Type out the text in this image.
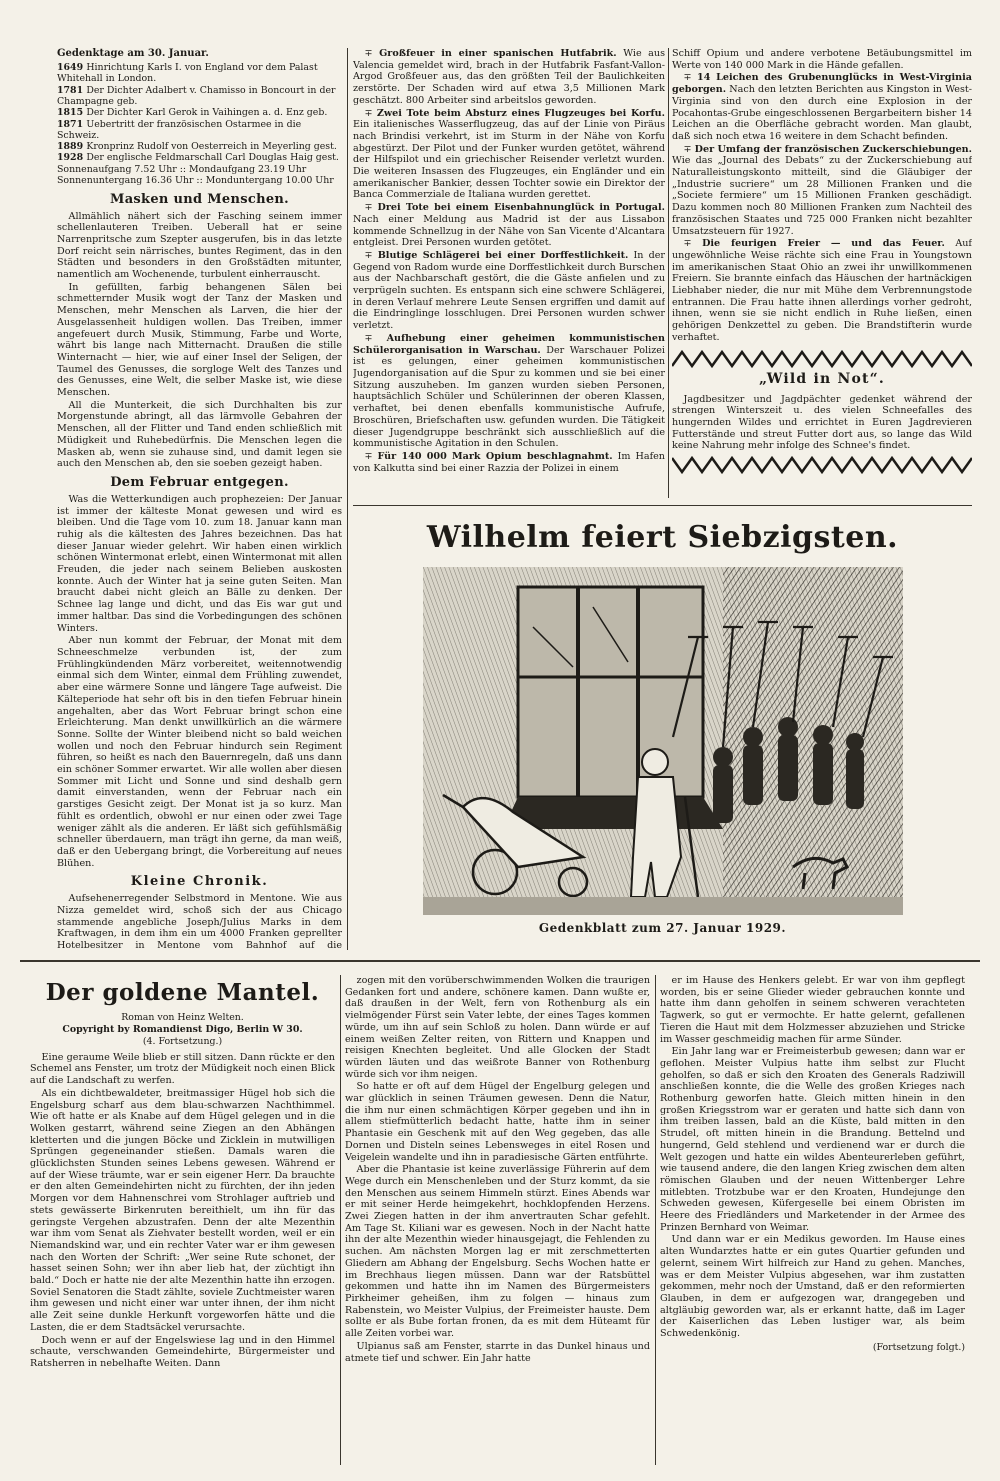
Gedenktage am 30. Januar.
1649 Hinrichtung Karls I. von England vor dem Palast Whitehall in London.
1781 Der Dichter Adalbert v. Chamisso in Boncourt in der Champagne geb.
1815 Der Dichter Karl Gerok in Vaihingen a. d. Enz geb.
1871 Uebertritt der französischen Ostarmee in die Schweiz.
1889 Kronprinz Rudolf von Oesterreich in Meyerling gest.
1928 Der englische Feldmarschall Carl Douglas Haig gest.
Sonnenaufgang 7.52 Uhr :: Mondaufgang 23.19 Uhr
Sonnenuntergang 16.36 Uhr :: Monduntergang 10.00 Uhr
Masken und Menschen.

Allmählich nähert sich der Fasching seinem immer schellenlauteren Treiben. Ueberall hat er seine Narrenpritsche zum Szepter ausgerufen, bis in das letzte Dorf reicht sein närrisches, buntes Regiment, das in den Städten und besonders in den Großstädten mitunter, namentlich am Wochenende, turbulent einherrauscht.

In gefüllten, farbig behangenen Sälen bei schmetternder Musik wogt der Tanz der Masken und Menschen, mehr Menschen als Larven, die hier der Ausgelassenheit huldigen wollen. Das Treiben, immer angefeuert durch Musik, Stimmung, Farbe und Worte, währt bis lange nach Mitternacht. Draußen die stille Winternacht — hier, wie auf einer Insel der Seligen, der Taumel des Genusses, die sorgloge Welt des Tanzes und des Genusses, eine Welt, die selber Maske ist, wie diese Menschen.

All die Munterkeit, die sich Durchhalten bis zur Morgenstunde abringt, all das lärmvolle Gebahren der Menschen, all der Flitter und Tand enden schließlich mit Müdigkeit und Ruhebedürfnis. Die Menschen legen die Masken ab, wenn sie zuhause sind, und damit legen sie auch den Menschen ab, den sie soeben gezeigt haben.

Dem Februar entgegen.

Was die Wetterkundigen auch prophezeien: Der Januar ist immer der kälteste Monat gewesen und wird es bleiben. Und die Tage vom 10. zum 18. Januar kann man ruhig als die kältesten des Jahres bezeichnen. Das hat dieser Januar wieder gelehrt. Wir haben einen wirklich schönen Wintermonat erlebt, einen Wintermonat mit allen Freuden, die jeder nach seinem Belieben auskosten konnte. Auch der Winter hat ja seine guten Seiten. Man braucht dabei nicht gleich an Bälle zu denken. Der Schnee lag lange und dicht, und das Eis war gut und immer haltbar. Das sind die Vorbedingungen des schönen Winters.

Aber nun kommt der Februar, der Monat mit dem Schneeschmelze verbunden ist, der zum Frühlingkündenden März vorbereitet, weitennotwendig einmal sich dem Winter, einmal dem Frühling zuwendet, aber eine wärmere Sonne und längere Tage aufweist. Die Kälteperiode hat sehr oft bis in den tiefen Februar hinein angehalten, aber das Wort Februar bringt schon eine Erleichterung. Man denkt unwillkürlich an die wärmere Sonne. Sollte der Winter bleibend nicht so bald weichen wollen und noch den Februar hindurch sein Regiment führen, so heißt es nach den Bauernregeln, daß uns dann ein schöner Sommer erwartet. Wir alle wollen aber diesen Sommer mit Licht und Sonne und sind deshalb gern damit einverstanden, wenn der Februar nach ein garstiges Gesicht zeigt. Der Monat ist ja so kurz. Man fühlt es ordentlich, obwohl er nur einen oder zwei Tage weniger zählt als die anderen. Er läßt sich gefühlsmäßig schneller überdauern, man trägt ihn gerne, da man weiß, daß er den Uebergang bringt, die Vorbereitung auf neues Blühen.

Kleine Chronik.

Aufsehenerregender Selbstmord in Mentone. Wie aus Nizza gemeldet wird, schoß sich der aus Chicago stammende angebliche Joseph/Julius Marks in dem Kraftwagen, in dem ihm ein um 4000 Franken geprellter Hotelbesitzer in Mentone vom Bahnhof auf die

∓ Großfeuer in einer spanischen Hutfabrik. Wie aus Valencia gemeldet wird, brach in der Hutfabrik Fasfant-Vallon-Argod Großfeuer aus, das den größten Teil der Baulichkeiten zerstörte. Der Schaden wird auf etwa 3,5 Millionen Mark geschätzt. 800 Arbeiter sind arbeitslos geworden.

∓ Zwei Tote beim Absturz eines Flugzeuges bei Korfu. Ein italienisches Wasserflugzeug, das auf der Linie von Piräus nach Brindisi verkehrt, ist im Sturm in der Nähe von Korfu abgestürzt. Der Pilot und der Funker wurden getötet, während der Hilfspilot und ein griechischer Reisender verletzt wurden. Die weiteren Insassen des Flugzeuges, ein Engländer und ein amerikanischer Bankier, dessen Tochter sowie ein Direktor der Banca Commerziale de Italiana wurden gerettet.

∓ Drei Tote bei einem Eisenbahnunglück in Portugal. Nach einer Meldung aus Madrid ist der aus Lissabon kommende Schnellzug in der Nähe von San Vicente d'Alcantara entgleist. Drei Personen wurden getötet.

∓ Blutige Schlägerei bei einer Dorffestlichkeit. In der Gegend von Radom wurde eine Dorffestlichkeit durch Burschen aus der Nachbarschaft gestört, die die Gäste anfielen und zu verprügeln suchten. Es entspann sich eine schwere Schlägerei, in deren Verlauf mehrere Leute Sensen ergriffen und damit auf die Eindringlinge losschlugen. Drei Personen wurden schwer verletzt.

∓ Aufhebung einer geheimen kommunistischen Schülerorganisation in Warschau. Der Warschauer Polizei ist es gelungen, einer geheimen kommunistischen Jugendorganisation auf die Spur zu kommen und sie bei einer Sitzung auszuheben. Im ganzen wurden sieben Personen, hauptsächlich Schüler und Schülerinnen der oberen Klassen, verhaftet, bei denen ebenfalls kommunistische Aufrufe, Broschüren, Briefschaften usw. gefunden wurden. Die Tätigkeit dieser Jugendgruppe beschränkt sich ausschließlich auf die kommunistische Agitation in den Schulen.

∓ Für 140 000 Mark Opium beschlagnahmt. Im Hafen von Kalkutta sind bei einer Razzia der Polizei in einem

Schiff Opium und andere verbotene Betäubungsmittel im Werte von 140 000 Mark in die Hände gefallen.

∓ 14 Leichen des Grubenunglücks in West-Virginia geborgen. Nach den letzten Berichten aus Kingston in West-Virginia sind von den durch eine Explosion in der Pocahontas-Grube eingeschlossenen Bergarbeitern bisher 14 Leichen an die Oberfläche gebracht worden. Man glaubt, daß sich noch etwa 16 weitere in dem Schacht befinden.

∓ Der Umfang der französischen Zuckerschiebungen. Wie das „Journal des Debats“ zu der Zuckerschiebung auf Naturalleistungskonto mitteilt, sind die Gläubiger der „Industrie sucriere“ um 28 Millionen Franken und die „Societe fermiere“ um 15 Millionen Franken geschädigt. Dazu kommen noch 80 Millionen Franken zum Nachteil des französischen Staates und 725 000 Franken nicht bezahlter Umsatzsteuern für 1927.

∓ Die feurigen Freier — und das Feuer. Auf ungewöhnliche Weise rächte sich eine Frau in Youngstown im amerikanischen Staat Ohio an zwei ihr unwillkommenen Freiern. Sie brannte einfach das Häuschen der hartnäckigen Liebhaber nieder, die nur mit Mühe dem Verbrennungstode entrannen. Die Frau hatte ihnen allerdings vorher gedroht, ihnen, wenn sie sie nicht endlich in Ruhe ließen, einen gehörigen Denkzettel zu geben. Die Brandstifterin wurde verhaftet.

„Wild in Not“.

Jagdbesitzer und Jagdpächter gedenket während der strengen Winterszeit u. des vielen Schneefalles des hungernden Wildes und errichtet in Euren Jagdrevieren Futterstände und streut Futter dort aus, so lange das Wild keine Nahrung mehr infolge des Schnee's findet.

Wilhelm feiert Siebzigsten.
Gedenkblatt zum 27. Januar 1929.
Der goldene Mantel.
Roman von Heinz Welten.
Copyright by Romandienst Digo, Berlin W 30.
(4. Fortsetzung.)

Eine geraume Weile blieb er still sitzen. Dann rückte er den Schemel ans Fenster, um trotz der Müdigkeit noch einen Blick auf die Landschaft zu werfen.

Als ein dichtbewaldeter, breitmassiger Hügel hob sich die Engelsburg scharf aus dem blau-schwarzen Nachthimmel. Wie oft hatte er als Knabe auf dem Hügel gelegen und in die Wolken gestarrt, während seine Ziegen an den Abhängen kletterten und die jungen Böcke und Zicklein in mutwilligen Sprüngen gegeneinander stießen. Damals waren die glücklichsten Stunden seines Lebens gewesen. Während er auf der Wiese träumte, war er sein eigener Herr. Da brauchte er den alten Gemeindehirten nicht zu fürchten, der ihn jeden Morgen vor dem Hahnenschrei vom Strohlager auftrieb und stets gewässerte Birkenruten bereithielt, um ihn für das geringste Vergehen abzustrafen. Denn der alte Mezenthin war ihm vom Senat als Ziehvater bestellt worden, weil er ein Niemandskind war, und ein rechter Vater war er ihm gewesen nach den Worten der Schrift: „Wer seine Rute schonet, der hasset seinen Sohn; wer ihn aber lieb hat, der züchtigt ihn bald.“ Doch er hatte nie der alte Mezenthin hatte ihn erzogen. Soviel Senatoren die Stadt zählte, soviele Zuchtmeister waren ihm gewesen und nicht einer war unter ihnen, der ihm nicht alle Zeit seine dunkle Herkunft vorgeworfen hätte und die Lasten, die er dem Stadtsäckel verursachte.

Doch wenn er auf der Engelswiese lag und in den Himmel schaute, verschwanden Gemeindehirte, Bürgermeister und Ratsherren in nebelhafte Weiten. Dann

zogen mit den vorüberschwimmenden Wolken die traurigen Gedanken fort und andere, schönere kamen. Dann wußte er, daß draußen in der Welt, fern von Rothenburg als ein vielmögender Fürst sein Vater lebte, der eines Tages kommen würde, um ihn auf sein Schloß zu holen. Dann würde er auf einem weißen Zelter reiten, von Rittern und Knappen und reisigen Knechten begleitet. Und alle Glocken der Stadt würden läuten und das weißrote Banner von Rothenburg würde sich vor ihm neigen.

So hatte er oft auf dem Hügel der Engelburg gelegen und war glücklich in seinen Träumen gewesen. Denn die Natur, die ihm nur einen schmächtigen Körper gegeben und ihn in allem stiefmütterlich bedacht hatte, hatte ihm in seiner Phantasie ein Geschenk mit auf den Weg gegeben, das alle Dornen und Disteln seines Lebensweges in eitel Rosen und Veigelein wandelte und ihn in paradiesische Gärten entführte.

Aber die Phantasie ist keine zuverlässige Führerin auf dem Wege durch ein Menschenleben und der Sturz kommt, da sie den Menschen aus seinem Himmeln stürzt. Eines Abends war er mit seiner Herde heimgekehrt, hochklopfenden Herzens. Zwei Ziegen hatten in der ihm anvertrauten Schar gefehlt. Am Tage St. Kiliani war es gewesen. Noch in der Nacht hatte ihn der alte Mezenthin wieder hinausgejagt, die Fehlenden zu suchen. Am nächsten Morgen lag er mit zerschmetterten Gliedern am Abhang der Engelsburg. Sechs Wochen hatte er im Brechhaus liegen müssen. Dann war der Ratsbüttel gekommen und hatte ihn im Namen des Bürgermeisters Pirkheimer geheißen, ihm zu folgen — hinaus zum Rabenstein, wo Meister Vulpius, der Freimeister hauste. Dem sollte er als Bube fortan fronen, da es mit dem Hüteamt für alle Zeiten vorbei war.

Ulpianus saß am Fenster, starrte in das Dunkel hinaus und atmete tief und schwer. Ein Jahr hatte

er im Hause des Henkers gelebt. Er war von ihm gepflegt worden, bis er seine Glieder wieder gebrauchen konnte und hatte ihm dann geholfen in seinem schweren verachteten Tagwerk, so gut er vermochte. Er hatte gelernt, gefallenen Tieren die Haut mit dem Holzmesser abzuziehen und Stricke im Wasser geschmeidig machen für arme Sünder.

Ein Jahr lang war er Freimeisterbub gewesen; dann war er geflohen. Meister Vulpius hatte ihm selbst zur Flucht geholfen, so daß er sich den Kroaten des Generals Radziwill anschließen konnte, die die Welle des großen Krieges nach Rothenburg geworfen hatte. Gleich mitten hinein in den großen Kriegsstrom war er geraten und hatte sich dann von ihm treiben lassen, bald an die Küste, bald mitten in den Strudel, oft mitten hinein in die Brandung. Bettelnd und hungernd, Geld stehlend und verdienend war er durch die Welt gezogen und hatte ein wildes Abenteurerleben geführt, wie tausend andere, die den langen Krieg zwischen dem alten römischen Glauben und der neuen Wittenberger Lehre mitlebten. Trotzbube war er den Kroaten, Hundejunge den Schweden gewesen, Küfergeselle bei einem Obristen im Heere des Friedländers und Marketender in der Armee des Prinzen Bernhard von Weimar.

Und dann war er ein Medikus geworden. Im Hause eines alten Wundarztes hatte er ein gutes Quartier gefunden und gelernt, seinem Wirt hilfreich zur Hand zu gehen. Manches, was er dem Meister Vulpius abgesehen, war ihm zustatten gekommen, mehr noch der Umstand, daß er den reformierten Glauben, in dem er aufgezogen war, drangegeben und altgläubig geworden war, als er erkannt hatte, daß im Lager der Kaiserlichen das Leben lustiger war, als beim Schwedenkönig.

(Fortsetzung folgt.)
